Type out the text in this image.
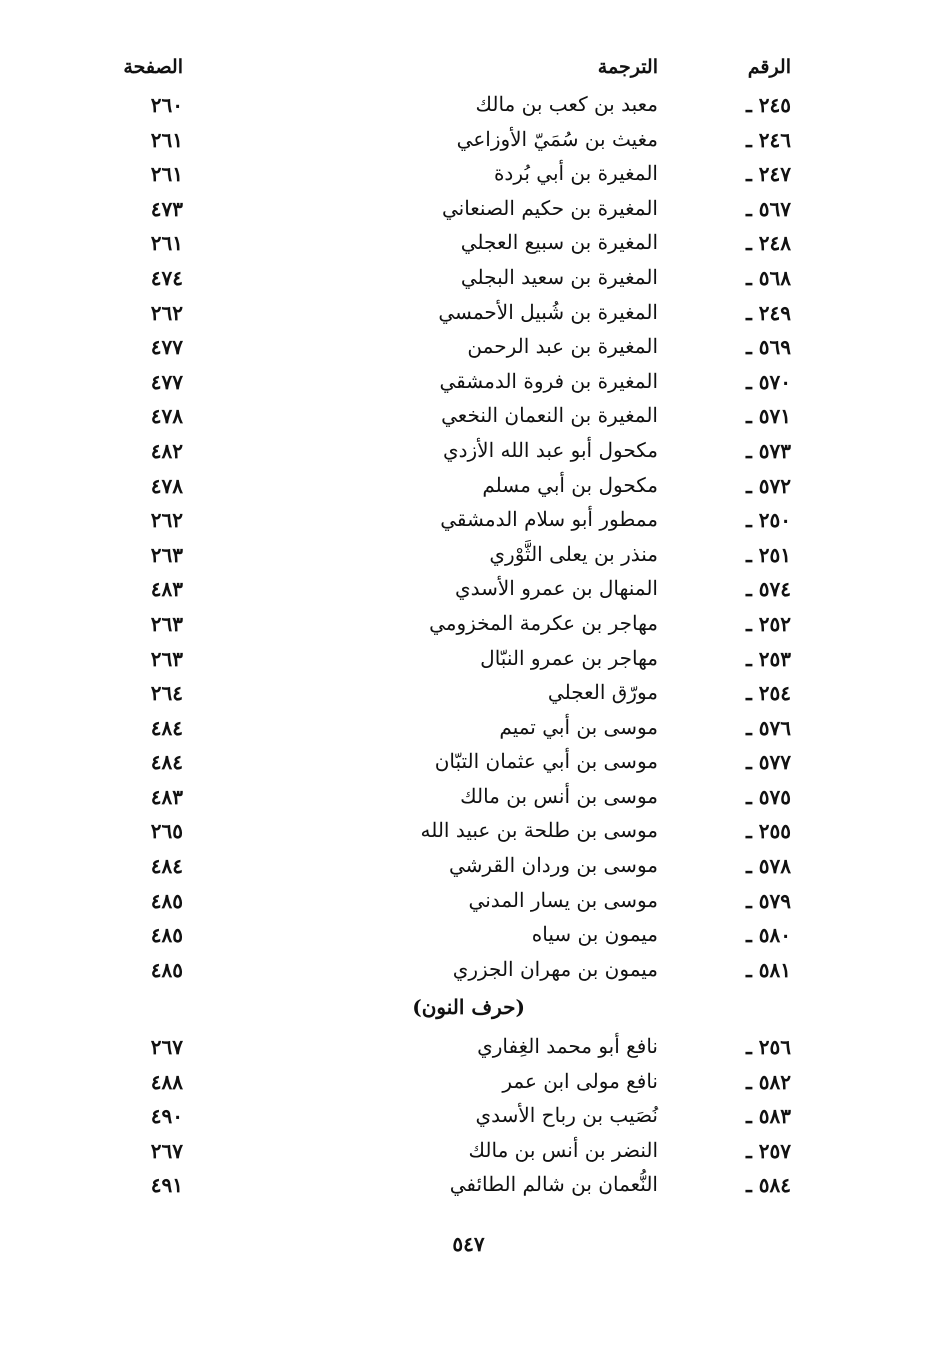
الرقم
الترجمة
الصفحة
٢٤٥ ـ
معبد بن كعب بن مالك
٢٦٠
٢٤٦ ـ
مغيث بن سُمَيّ الأوزاعي
٢٦١
٢٤٧ ـ
المغيرة بن أبي بُردة
٢٦١
٥٦٧ ـ
المغيرة بن حكيم الصنعاني
٤٧٣
٢٤٨ ـ
المغيرة بن سبيع العجلي
٢٦١
٥٦٨ ـ
المغيرة بن سعيد البجلي
٤٧٤
٢٤٩ ـ
المغيرة بن شُبيل الأحمسي
٢٦٢
٥٦٩ ـ
المغيرة بن عبد الرحمن
٤٧٧
٥٧٠ ـ
المغيرة بن فروة الدمشقي
٤٧٧
٥٧١ ـ
المغيرة بن النعمان النخعي
٤٧٨
٥٧٣ ـ
مكحول أبو عبد الله الأزدي
٤٨٢
٥٧٢ ـ
مكحول بن أبي مسلم
٤٧٨
٢٥٠ ـ
ممطور أبو سلام الدمشقي
٢٦٢
٢٥١ ـ
منذر بن يعلى الثَّوْري
٢٦٣
٥٧٤ ـ
المنهال بن عمرو الأسدي
٤٨٣
٢٥٢ ـ
مهاجر بن عكرمة المخزومي
٢٦٣
٢٥٣ ـ
مهاجر بن عمرو النبّال
٢٦٣
٢٥٤ ـ
مورّق العجلي
٢٦٤
٥٧٦ ـ
موسى بن أبي تميم
٤٨٤
٥٧٧ ـ
موسى بن أبي عثمان التبّان
٤٨٤
٥٧٥ ـ
موسى بن أنس بن مالك
٤٨٣
٢٥٥ ـ
موسى بن طلحة بن عبيد الله
٢٦٥
٥٧٨ ـ
موسى بن وردان القرشي
٤٨٤
٥٧٩ ـ
موسى بن يسار المدني
٤٨٥
٥٨٠ ـ
ميمون بن سياه
٤٨٥
٥٨١ ـ
ميمون بن مهران الجزري
٤٨٥
(حرف النون)
٢٥٦ ـ
نافع أبو محمد الغِفاري
٢٦٧
٥٨٢ ـ
نافع مولى ابن عمر
٤٨٨
٥٨٣ ـ
نُصَيب بن رباح الأسدي
٤٩٠
٢٥٧ ـ
النضر بن أنس بن مالك
٢٦٧
٥٨٤ ـ
النُّعمان بن شالم الطائفي
٤٩١
٥٤٧
